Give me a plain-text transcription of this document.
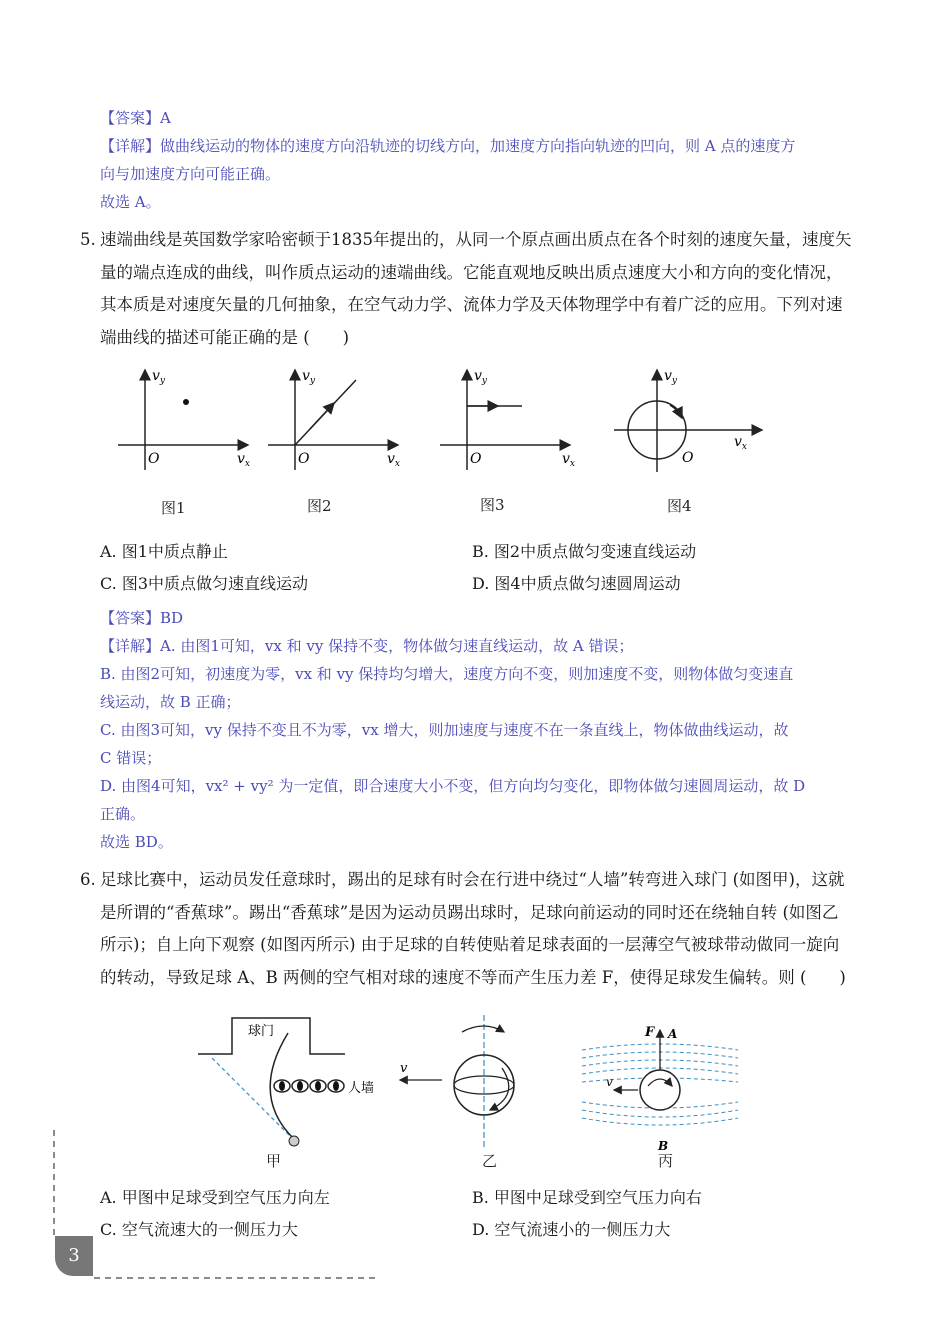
【答案】A
【详解】做曲线运动的物体的速度方向沿轨迹的切线方向，加速度方向指向轨迹的凹向，则 A 点的速度方
向与加速度方向可能正确。
故选 A。
5. 速端曲线是英国数学家哈密顿于1835年提出的，从同一个原点画出质点在各个时刻的速度矢量，速度矢
量的端点连成的曲线，叫作质点运动的速端曲线。它能直观地反映出质点速度大小和方向的变化情况，
其本质是对速度矢量的几何抽象，在空气动力学、流体力学及天体物理学中有着广泛的应用。下列对速
端曲线的描述可能正确的是 (　　)
$v_y$
$v_x$
O
$v_y$
$v_x$
O
$v_y$
$v_x$
O
$v_y$
$v_x$
O
图1	图2	图3	图4
A. 图1中质点静止	B. 图2中质点做匀变速直线运动
C. 图3中质点做匀速直线运动	D. 图4中质点做匀速圆周运动
【答案】BD
【详解】A. 由图1可知，vx 和 vy 保持不变，物体做匀速直线运动，故 A 错误；
B. 由图2可知，初速度为零，vx 和 vy 保持均匀增大，速度方向不变，则加速度不变，则物体做匀变速直
线运动，故 B 正确；
C. 由图3可知，vy 保持不变且不为零，vx 增大，则加速度与速度不在一条直线上，物体做曲线运动，故
C 错误；
D. 由图4可知，vx² + vy² 为一定值，即合速度大小不变，但方向均匀变化，即物体做匀速圆周运动，故 D
正确。
故选 BD。
6. 足球比赛中，运动员发任意球时，踢出的足球有时会在行进中绕过“人墙”转弯进入球门 (如图甲)，这就
是所谓的“香蕉球”。踢出“香蕉球”是因为运动员踢出球时，足球向前运动的同时还在绕轴自转 (如图乙
所示)；自上向下观察 (如图丙所示) 由于足球的自转使贴着足球表面的一层薄空气被球带动做同一旋向
的转动，导致足球 A、B 两侧的空气相对球的速度不等而产生压力差 F，使得足球发生偏转。则 (　　)
球门
人墙
v
F A
v
B
甲	乙	丙
A. 甲图中足球受到空气压力向左	B. 甲图中足球受到空气压力向右
C. 空气流速大的一侧压力大	D. 空气流速小的一侧压力大
3
